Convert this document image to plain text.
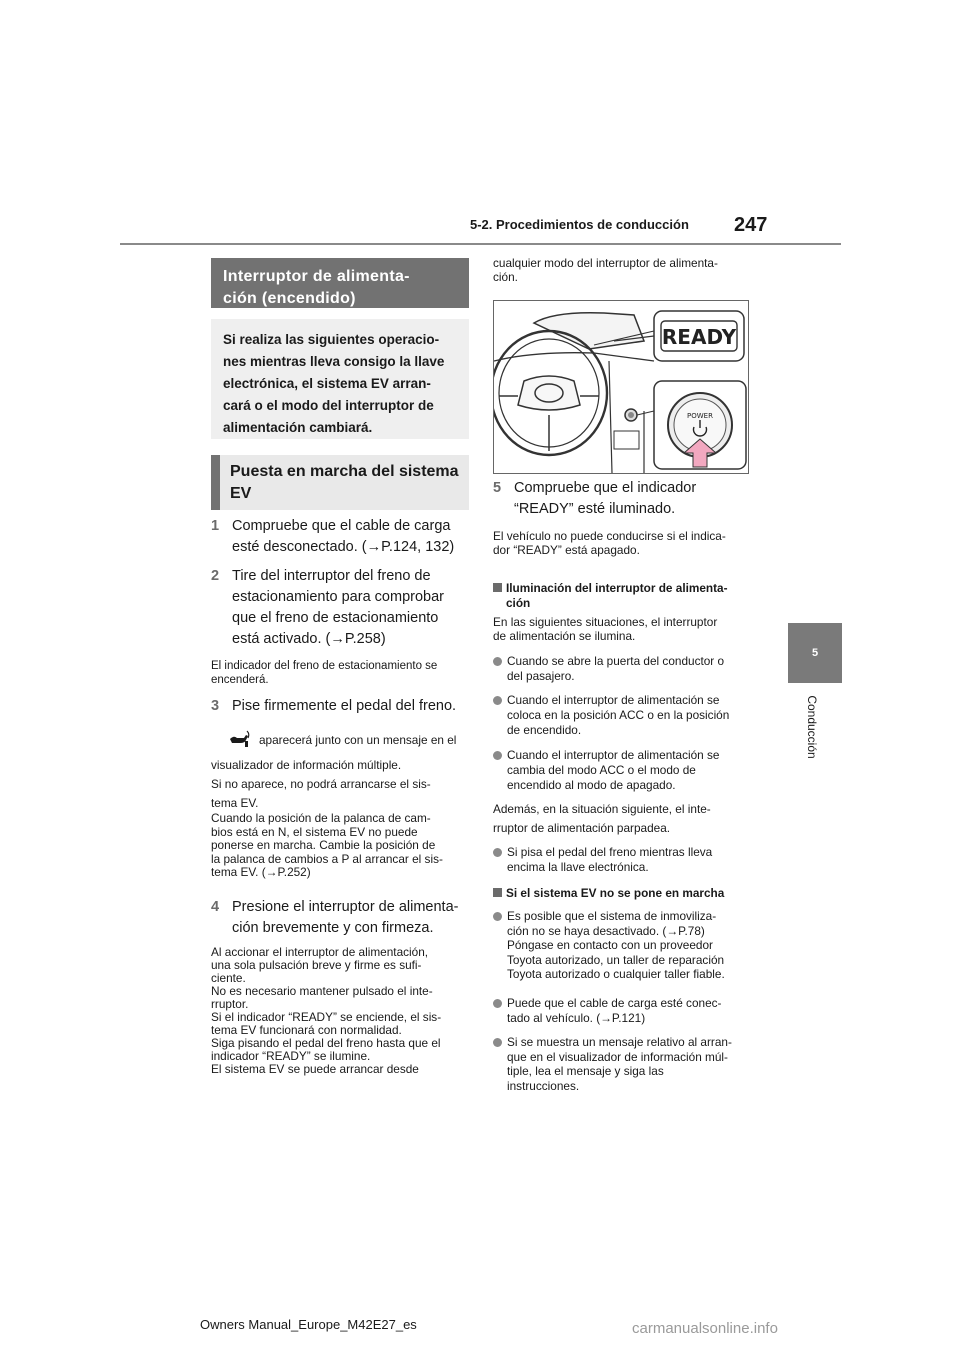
5-2. Procedimientos de conducción	247
5
Conducción
Interruptor de alimenta-
ción (encendido)
Si realiza las siguientes operacio-
nes mientras lleva consigo la llave
electrónica, el sistema EV arran-
cará o el modo del interruptor de
alimentación cambiará.
Puesta en marcha del sistema
EV
1 Compruebe que el cable de carga
esté desconectado. (→P.124, 132)
2 Tire del interruptor del freno de
estacionamiento para comprobar
que el freno de estacionamiento
está activado. (→P.258)
El indicador del freno de estacionamiento se
encenderá.
3 Pise firmemente el pedal del freno.
aparecerá junto con un mensaje en el
visualizador de información múltiple.
Si no aparece, no podrá arrancarse el sis-
tema EV.
Cuando la posición de la palanca de cam-
bios está en N, el sistema EV no puede
ponerse en marcha. Cambie la posición de
la palanca de cambios a P al arrancar el sis-
tema EV. (→P.252)
4 Presione el interruptor de alimenta-
ción brevemente y con firmeza.
Al accionar el interruptor de alimentación,
una sola pulsación breve y firme es sufi-
ciente.
No es necesario mantener pulsado el inte-
rruptor.
Si el indicador “READY” se enciende, el sis-
tema EV funcionará con normalidad.
Siga pisando el pedal del freno hasta que el
indicador “READY” se ilumine.
El sistema EV se puede arrancar desde
cualquier modo del interruptor de alimenta-
ción.
READY
POWER
5 Compruebe que el indicador
“READY” esté iluminado.
El vehículo no puede conducirse si el indica-
dor “READY” está apagado.
Iluminación del interruptor de alimenta-
ción
En las siguientes situaciones, el interruptor
de alimentación se ilumina.
Cuando se abre la puerta del conductor o
del pasajero.
Cuando el interruptor de alimentación se
coloca en la posición ACC o en la posición
de encendido.
Cuando el interruptor de alimentación se
cambia del modo ACC o el modo de
encendido al modo de apagado.
Además, en la situación siguiente, el inte-
rruptor de alimentación parpadea.
Si pisa el pedal del freno mientras lleva
encima la llave electrónica.
Si el sistema EV no se pone en marcha
Es posible que el sistema de inmoviliza-
ción no se haya desactivado. (→P.78)
Póngase en contacto con un proveedor
Toyota autorizado, un taller de reparación
Toyota autorizado o cualquier taller fiable.
Puede que el cable de carga esté conec-
tado al vehículo. (→P.121)
Si se muestra un mensaje relativo al arran-
que en el visualizador de información múl-
tiple, lea el mensaje y siga las
instrucciones.
Owners Manual_Europe_M42E27_es	carmanualsonline.info
